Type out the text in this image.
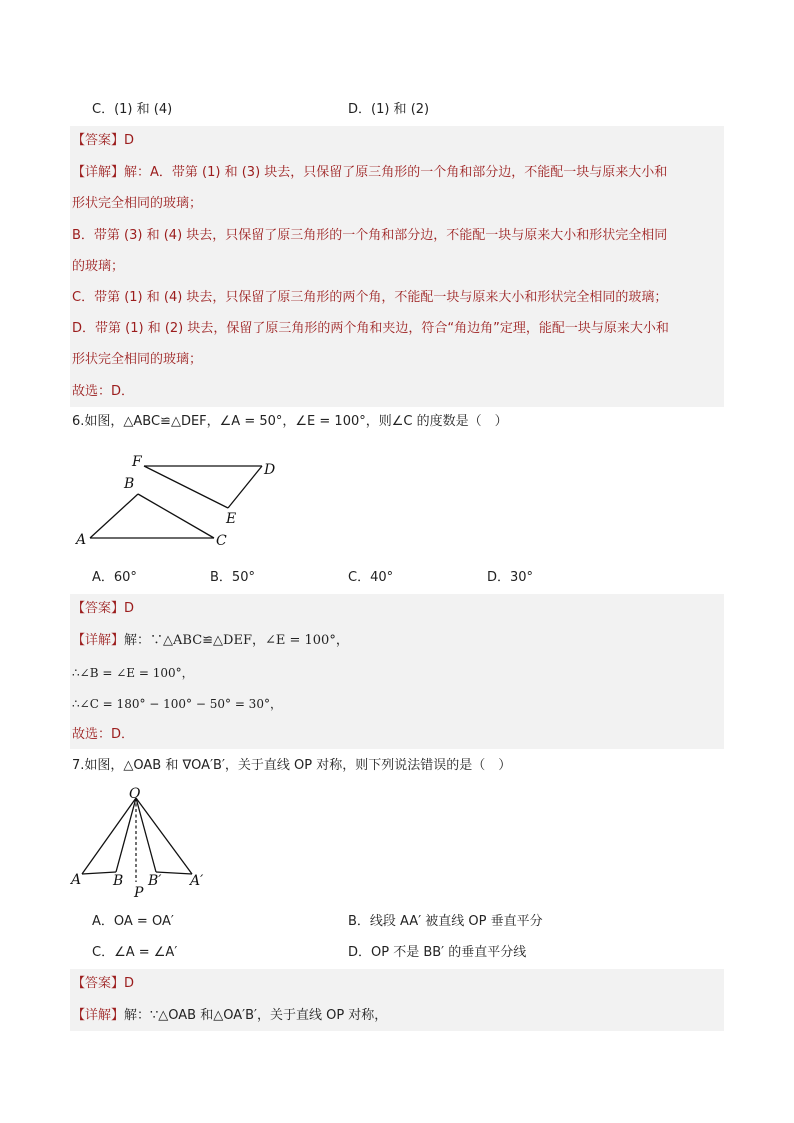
C．(1) 和 (4)	D．(1) 和 (2)
【答案】D
【详解】解：A．带第 (1) 和 (3) 块去，只保留了原三角形的一个角和部分边，不能配一块与原来大小和
形状完全相同的玻璃；
B．带第 (3) 和 (4) 块去，只保留了原三角形的一个角和部分边，不能配一块与原来大小和形状完全相同
的玻璃；
C．带第 (1) 和 (4) 块去，只保留了原三角形的两个角，不能配一块与原来大小和形状完全相同的玻璃；
D．带第 (1) 和 (2) 块去，保留了原三角形的两个角和夹边，符合“角边角”定理，能配一块与原来大小和
形状完全相同的玻璃；
故选：D．
6.如图，△ABC≌△DEF，∠A = 50°，∠E = 100°，则∠C 的度数是（　）
F	D
B
E
A	C
A．60°	B．50°	C．40°	D．30°
【答案】D
【详解】解：∵△ABC≌△DEF，∠E = 100°，
∴∠B = ∠E = 100°，
∴∠C = 180° − 100° − 50° = 30°，
故选：D．
7.如图，△OAB 和 ∇OA′B′，关于直线 OP 对称，则下列说法错误的是（　）
O
A B B′ A′
P
A．OA = OA′	B．线段 AA′ 被直线 OP 垂直平分
C．∠A = ∠A′	D．OP 不是 BB′ 的垂直平分线
【答案】D
【详解】解：∵△OAB 和△OA′B′，关于直线 OP 对称，
